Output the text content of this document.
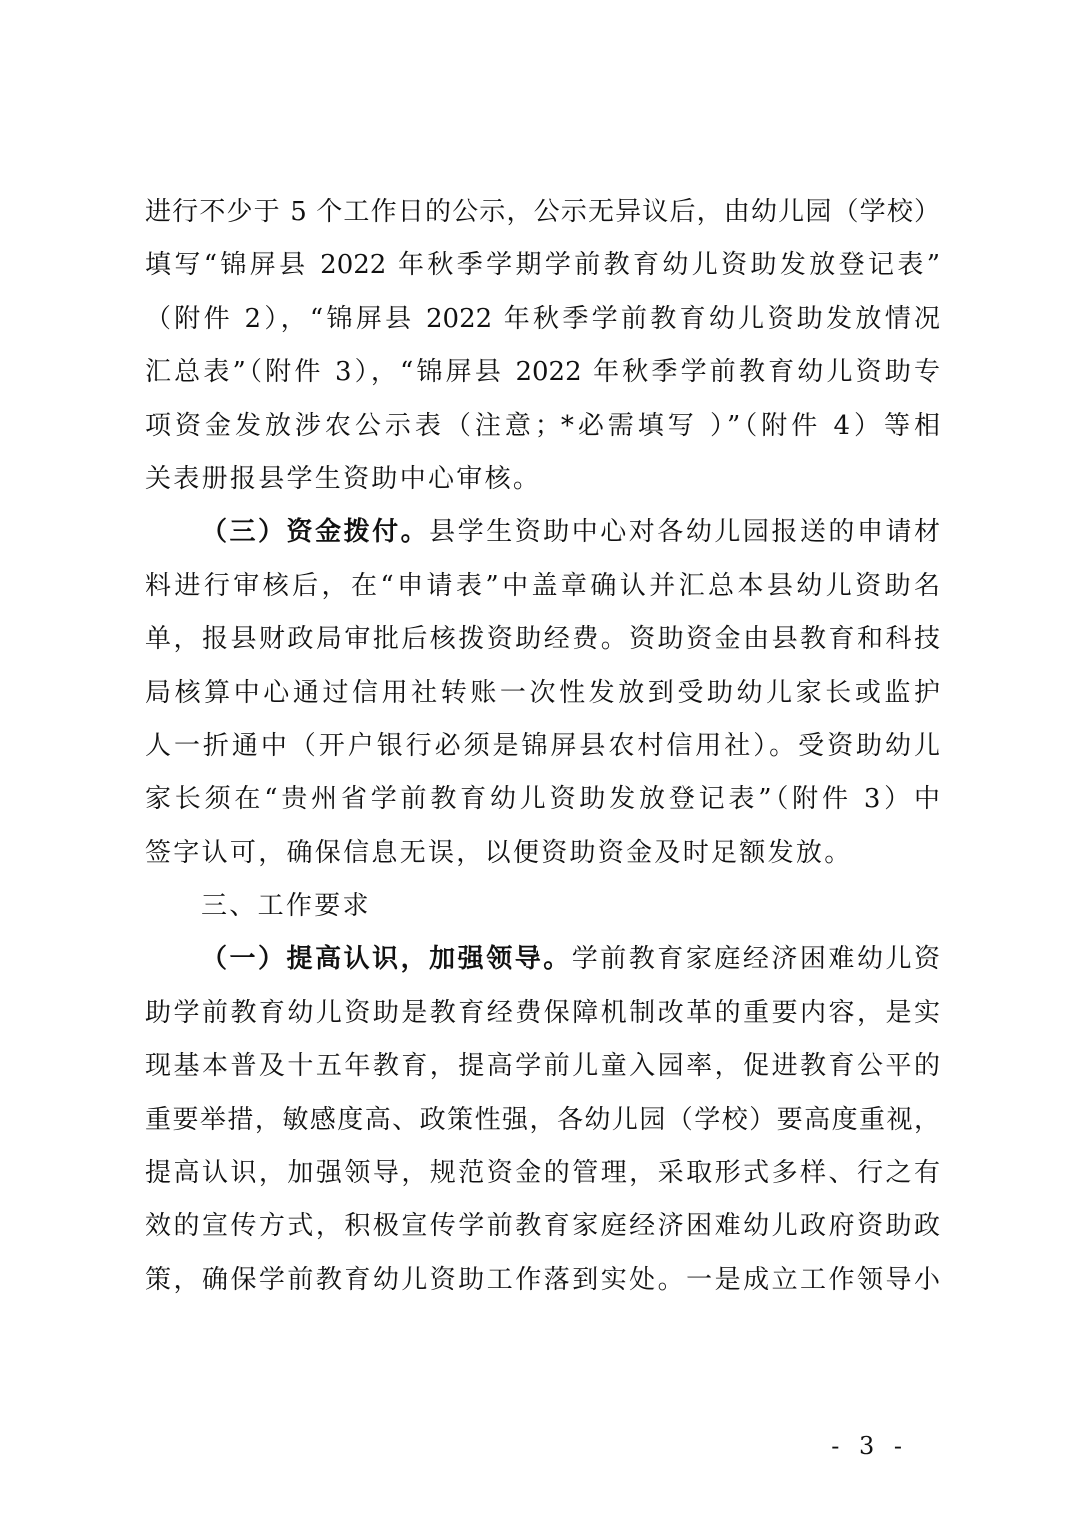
进行不少于 5 个工作日的公示，公示无异议后，由幼儿园（学校）
填写“锦屏县 2022 年秋季学期学前教育幼儿资助发放登记表”
（附件 2），“锦屏县 2022 年秋季学前教育幼儿资助发放情况
汇总表”（附件 3），“锦屏县 2022 年秋季学前教育幼儿资助专
项资金发放涉农公示表（注意；*必需填写 ）”（附件 4）等相
关表册报县学生资助中心审核。
（三）资金拨付。县学生资助中心对各幼儿园报送的申请材
料进行审核后，在“申请表”中盖章确认并汇总本县幼儿资助名
单，报县财政局审批后核拨资助经费。资助资金由县教育和科技
局核算中心通过信用社转账一次性发放到受助幼儿家长或监护
人一折通中（开户银行必须是锦屏县农村信用社）。受资助幼儿
家长须在“贵州省学前教育幼儿资助发放登记表”（附件 3）中
签字认可，确保信息无误，以便资助资金及时足额发放。
三、工作要求
（一）提高认识，加强领导。学前教育家庭经济困难幼儿资
助学前教育幼儿资助是教育经费保障机制改革的重要内容，是实
现基本普及十五年教育，提高学前儿童入园率，促进教育公平的
重要举措，敏感度高、政策性强，各幼儿园（学校）要高度重视，
提高认识，加强领导，规范资金的管理，采取形式多样、行之有
效的宣传方式，积极宣传学前教育家庭经济困难幼儿政府资助政
策，确保学前教育幼儿资助工作落到实处。一是成立工作领导小
- 3 -
